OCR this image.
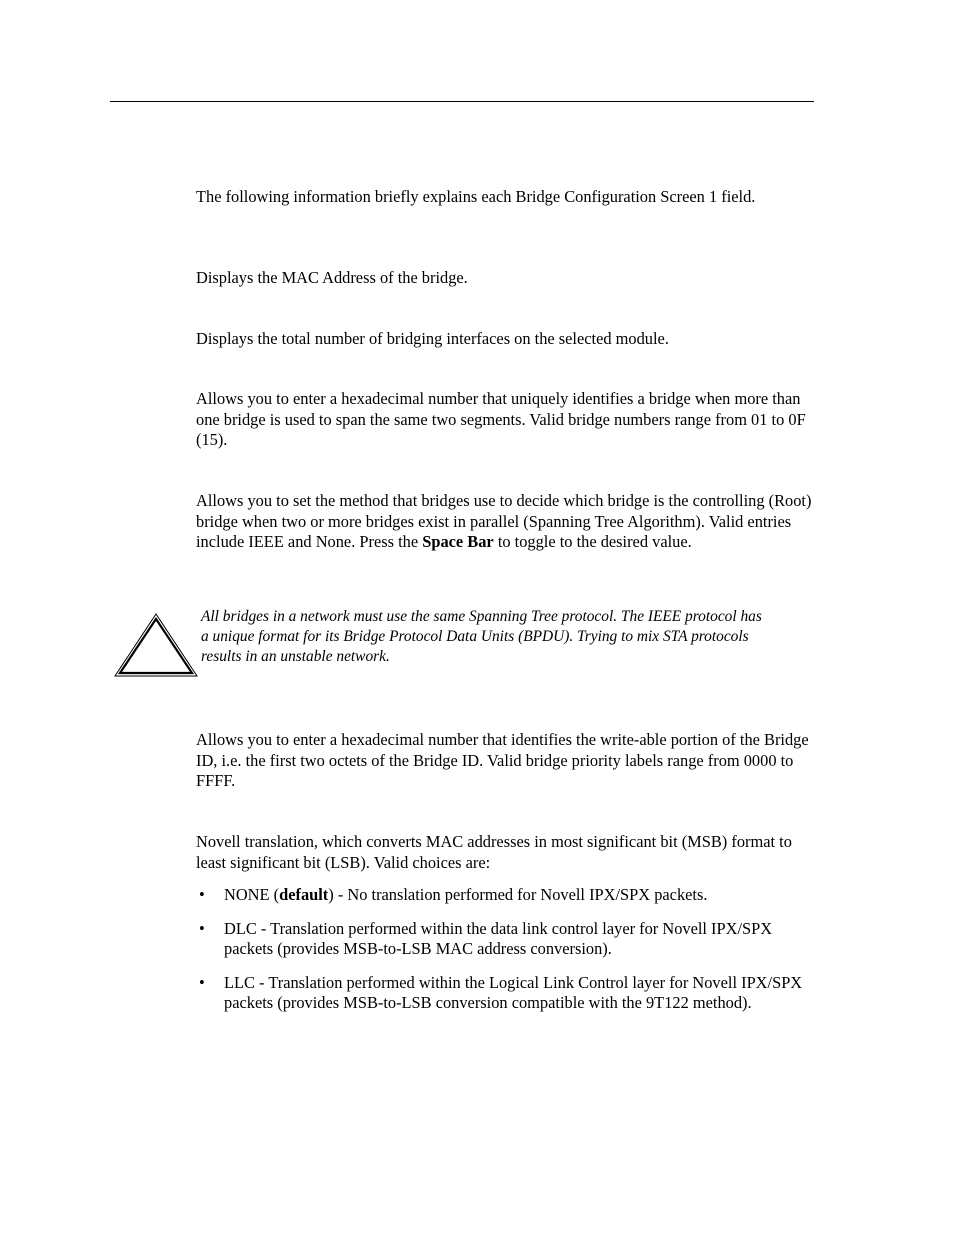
The following information briefly explains each Bridge Configuration Screen 1 field.

Displays the MAC Address of the bridge.

Displays the total number of bridging interfaces on the selected module.

Allows you to enter a hexadecimal number that uniquely identifies a bridge when more than one bridge is used to span the same two segments. Valid bridge numbers range from 01 to 0F (15).

Allows you to set the method that bridges use to decide which bridge is the controlling (Root) bridge when two or more bridges exist in parallel (Spanning Tree Algorithm). Valid entries include IEEE and None. Press the Space Bar to toggle to the desired value.

All bridges in a network must use the same Spanning Tree protocol. The IEEE protocol has a unique format for its Bridge Protocol Data Units (BPDU). Trying to mix STA protocols results in an unstable network.

Allows you to enter a hexadecimal number that identifies the write-able portion of the Bridge ID, i.e. the first two octets of the Bridge ID. Valid bridge priority labels range from 0000 to FFFF.

Novell translation, which converts MAC addresses in most significant bit (MSB) format to least significant bit (LSB). Valid choices are:

• NONE (default) - No translation performed for Novell IPX/SPX packets.
• DLC - Translation performed within the data link control layer for Novell IPX/SPX packets (provides MSB-to-LSB MAC address conversion).
• LLC - Translation performed within the Logical Link Control layer for Novell IPX/SPX packets (provides MSB-to-LSB conversion compatible with the 9T122 method).
